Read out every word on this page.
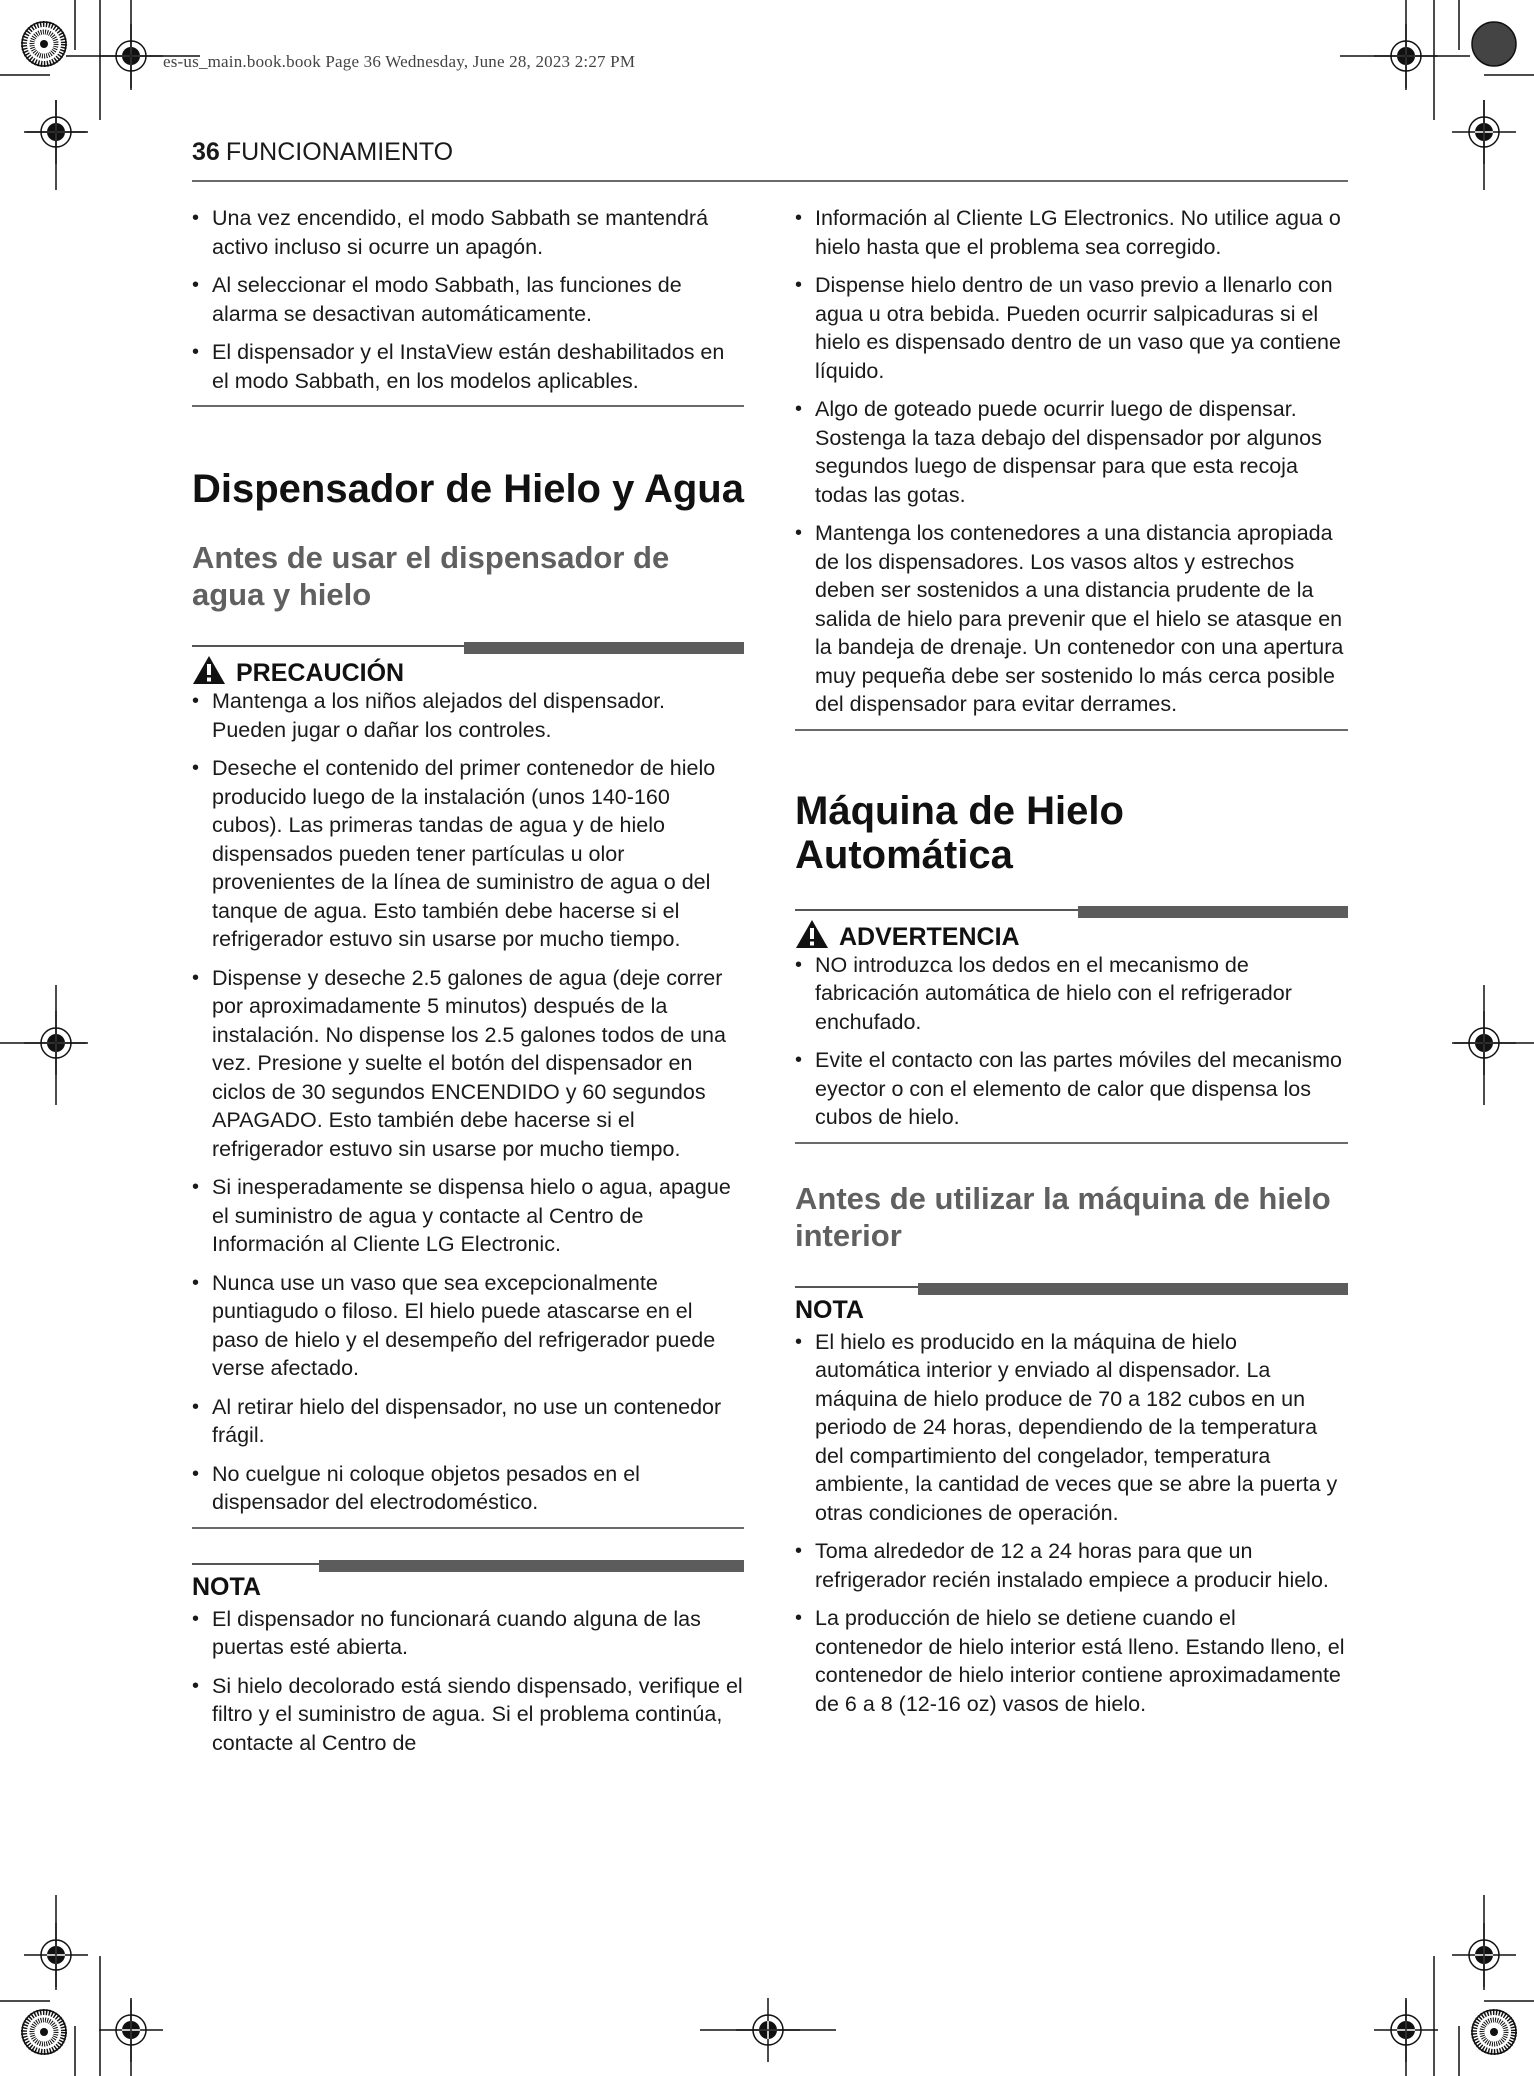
es-us_main.book.book Page 36 Wednesday, June 28, 2023 2:27 PM
36 FUNCIONAMIENTO
• Una vez encendido, el modo Sabbath se mantendrá activo incluso si ocurre un apagón.
• Al seleccionar el modo Sabbath, las funciones de alarma se desactivan automáticamente.
• El dispensador y el InstaView están deshabilitados en el modo Sabbath, en los modelos aplicables.
Dispensador de Hielo y Agua
Antes de usar el dispensador de agua y hielo
PRECAUCIÓN
• Mantenga a los niños alejados del dispensador. Pueden jugar o dañar los controles.
• Deseche el contenido del primer contenedor de hielo producido luego de la instalación (unos 140-160 cubos). Las primeras tandas de agua y de hielo dispensados pueden tener partículas u olor provenientes de la línea de suministro de agua o del tanque de agua. Esto también debe hacerse si el refrigerador estuvo sin usarse por mucho tiempo.
• Dispense y deseche 2.5 galones de agua (deje correr por aproximadamente 5 minutos) después de la instalación. No dispense los 2.5 galones todos de una vez. Presione y suelte el botón del dispensador en ciclos de 30 segundos ENCENDIDO y 60 segundos APAGADO. Esto también debe hacerse si el refrigerador estuvo sin usarse por mucho tiempo.
• Si inesperadamente se dispensa hielo o agua, apague el suministro de agua y contacte al Centro de Información al Cliente LG Electronic.
• Nunca use un vaso que sea excepcionalmente puntiagudo o filoso. El hielo puede atascarse en el paso de hielo y el desempeño del refrigerador puede verse afectado.
• Al retirar hielo del dispensador, no use un contenedor frágil.
• No cuelgue ni coloque objetos pesados en el dispensador del electrodoméstico.
NOTA
• El dispensador no funcionará cuando alguna de las puertas esté abierta.
• Si hielo decolorado está siendo dispensado, verifique el filtro y el suministro de agua. Si el problema continúa, contacte al Centro de
• Información al Cliente LG Electronics. No utilice agua o hielo hasta que el problema sea corregido.
• Dispense hielo dentro de un vaso previo a llenarlo con agua u otra bebida. Pueden ocurrir salpicaduras si el hielo es dispensado dentro de un vaso que ya contiene líquido.
• Algo de goteado puede ocurrir luego de dispensar. Sostenga la taza debajo del dispensador por algunos segundos luego de dispensar para que esta recoja todas las gotas.
• Mantenga los contenedores a una distancia apropiada de los dispensadores. Los vasos altos y estrechos deben ser sostenidos a una distancia prudente de la salida de hielo para prevenir que el hielo se atasque en la bandeja de drenaje. Un contenedor con una apertura muy pequeña debe ser sostenido lo más cerca posible del dispensador para evitar derrames.
Máquina de Hielo Automática
ADVERTENCIA
• NO introduzca los dedos en el mecanismo de fabricación automática de hielo con el refrigerador enchufado.
• Evite el contacto con las partes móviles del mecanismo eyector o con el elemento de calor que dispensa los cubos de hielo.
Antes de utilizar la máquina de hielo interior
NOTA
• El hielo es producido en la máquina de hielo automática interior y enviado al dispensador. La máquina de hielo produce de 70 a 182 cubos en un periodo de 24 horas, dependiendo de la temperatura del compartimiento del congelador, temperatura ambiente, la cantidad de veces que se abre la puerta y otras condiciones de operación.
• Toma alrededor de 12 a 24 horas para que un refrigerador recién instalado empiece a producir hielo.
• La producción de hielo se detiene cuando el contenedor de hielo interior está lleno. Estando lleno, el contenedor de hielo interior contiene aproximadamente de 6 a 8 (12-16 oz) vasos de hielo.
